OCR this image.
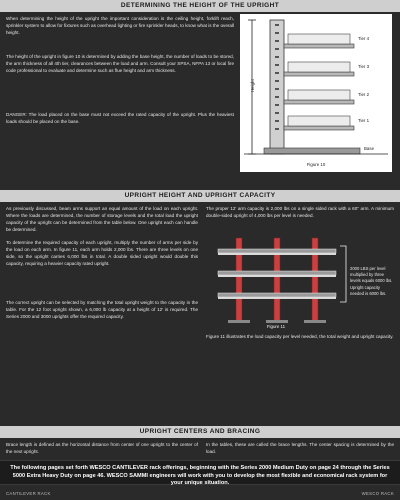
DETERMINING THE HEIGHT OF THE UPRIGHT
When determining the height of the upright the important consideration is the ceiling height, forklift reach, sprinkler system to allow for fixtures such as overhead lighting or fire sprinkler heads, to know what is the overall height.
The height of the upright in figure 10 is determined by adding the base height, the number of loads to be stored, the arm thickness of all 4th tier, clearances between the load and arm. Consult your SPSA, NFPA 13 or local fire code professional to evaluate and determine such as flue height and arm thickness.
DANGER: The load placed on the base must not exceed the rated capacity of the upright. Plus the heaviest loads should be placed on the base.
Tier 4
Tier 3
Tier 2
Tier 1
Base
Height
Figure 10
UPRIGHT HEIGHT AND UPRIGHT CAPACITY
As previously discussed, beam arms support an equal amount of the load on each upright. Where the loads are determined, the number of storage levels and the total load the upright capacity of the upright can be determined from the table below. One upright each can handle be determined.
To determine the required capacity of each upright, multiply the number of arms per side by the load on each arm. In figure 11, each arm holds 2,000 lbs. There are three levels on one side, so the upright carries 6,000 lbs in total. A double sided upright would double this capacity, requiring a heavier capacity rated upright.
The correct upright can be selected by matching the total upright weight to the capacity in the table. For the 12 foot upright shown, a 6,000 lb capacity at a height of 12' is required. The Series 2000 and 3000 uprights offer the required capacity.
The proper 12' arm capacity is 2,000 lbs on a single sided rack with a 60" arm. A minimum double-sided upright of 4,000 lbs per level is needed.
Figure 11
2000 LBS per level multiplied by three levels equals 6000 lbs. Upright capacity needed is 6000 lbs.
Figure 11 illustrates the load capacity per level needed, the total weight and upright capacity.
UPRIGHT CENTERS AND BRACING
Brace length is defined as the horizontal distance from center of one upright to the center of the next upright.
In the tables, these are called the brace lengths. The center spacing is determined by the load.
The following pages set forth WESCO CANTILEVER rack offerings, beginning with the Series 2000 Medium Duty on page 24 through the Series 5000 Extra Heavy Duty on page 46. WESCO SAMMI engineers will work with you to develop the most flexible and economical rack system for your unique situation.
CANTILEVER RACK	WESCO RACK
